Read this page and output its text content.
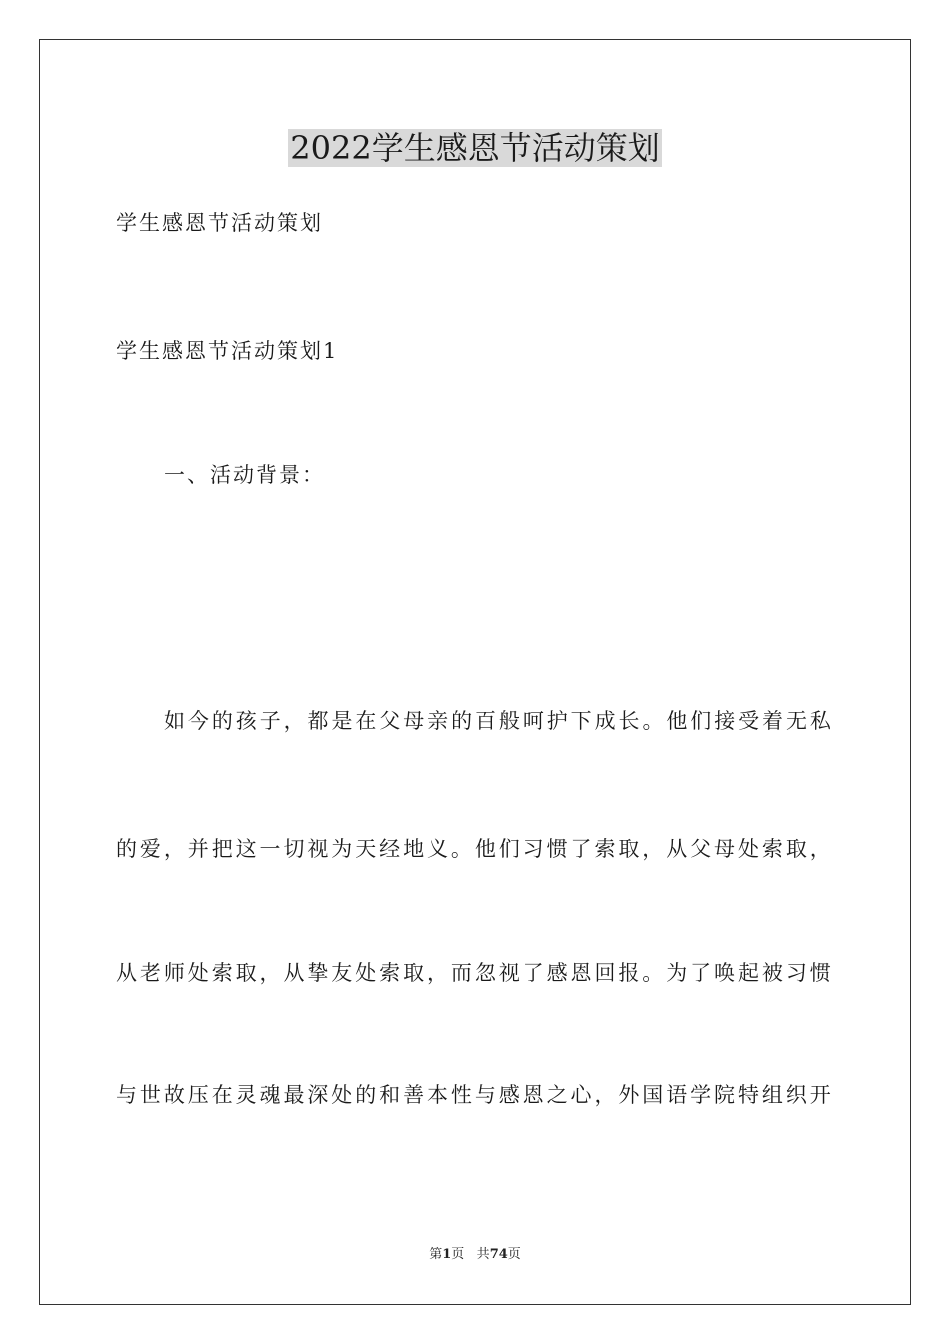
2022学生感恩节活动策划

学生感恩节活动策划

学生感恩节活动策划1

一、活动背景：

如 今 的 孩 子 ， 都 是 在 父 母 亲 的 百 般 呵 护 下 成 长 。 他 们 接 受 着 无 私

的 爱 ， 并 把 这 一 切 视 为 天 经 地 义 。 他 们 习 惯 了 索 取 ， 从 父 母 处 索 取 ，

从 老 师 处 索 取 ， 从 挚 友 处 索 取 ， 而 忽 视 了 感 恩 回 报 。 为 了 唤 起 被 习 惯

与 世 故 压 在 灵 魂 最 深 处 的 和 善 本 性 与 感 恩 之 心 ， 外 国 语 学 院 特 组 织 开

第1页 共74页
